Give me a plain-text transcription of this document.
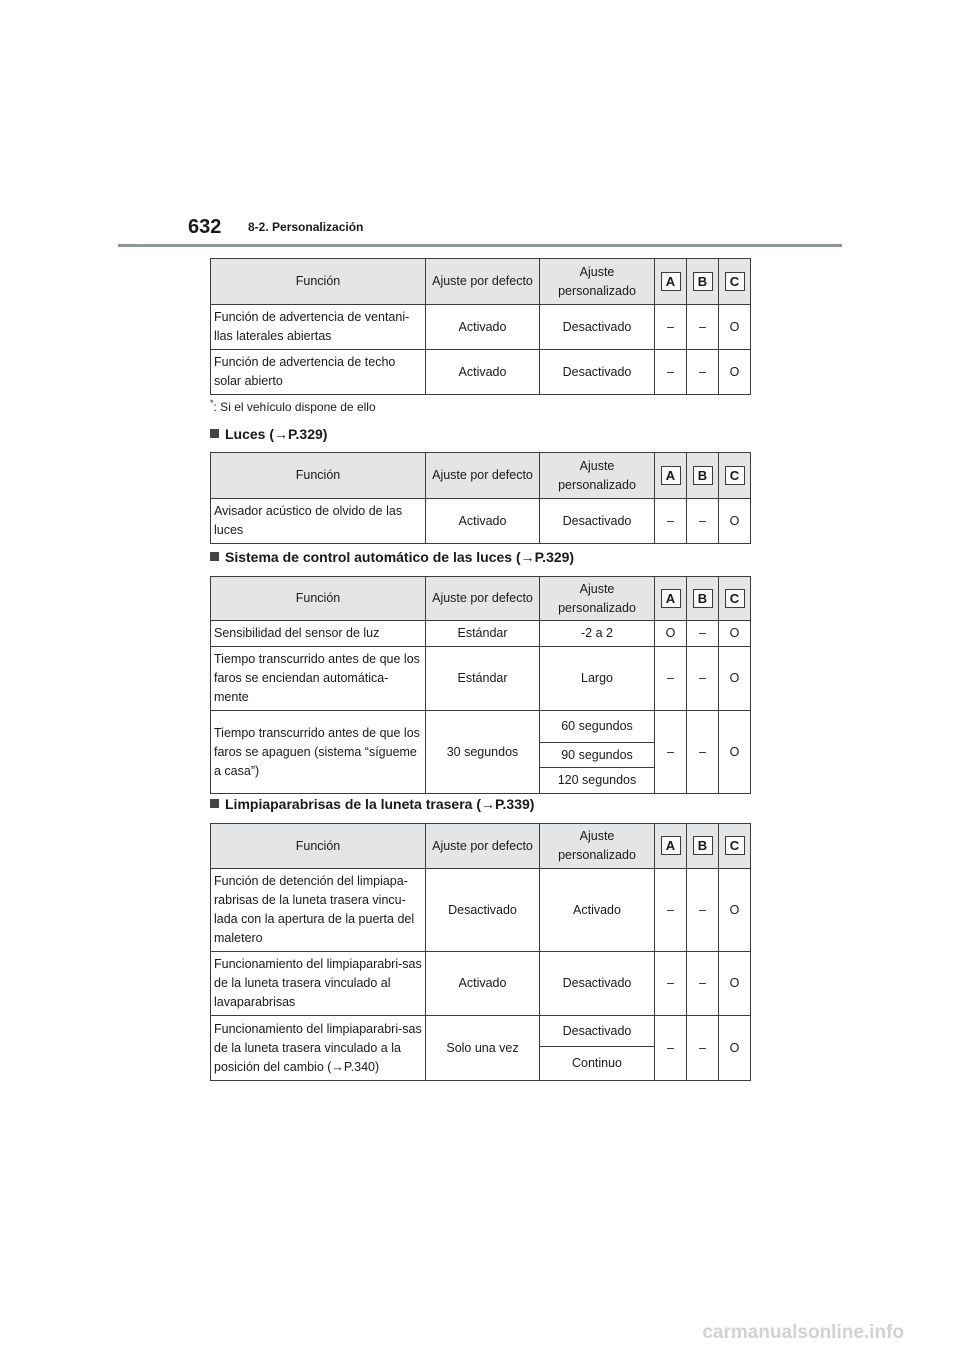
632 8-2. Personalización
Función	Ajuste por defecto	Ajuste personalizado	A	B	C
Función de advertencia de ventani-llas laterales abiertas	Activado	Desactivado	–	–	O
Función de advertencia de techo solar abierto	Activado	Desactivado	–	–	O
*: Si el vehículo dispone de ello
Luces (→P.329)
Función	Ajuste por defecto	Ajuste personalizado	A	B	C
Avisador acústico de olvido de las luces	Activado	Desactivado	–	–	O
Sistema de control automático de las luces (→P.329)
Función	Ajuste por defecto	Ajuste personalizado	A	B	C
Sensibilidad del sensor de luz	Estándar	-2 a 2	O	–	O
Tiempo transcurrido antes de que los faros se enciendan automática-mente	Estándar	Largo	–	–	O
Tiempo transcurrido antes de que los faros se apaguen (sistema “sígueme a casa”)	30 segundos	60 segundos	–	–	O
		90 segundos			
		120 segundos			
Limpiaparabrisas de la luneta trasera (→P.339)
Función	Ajuste por defecto	Ajuste personalizado	A	B	C
Función de detención del limpiapa-rabrisas de la luneta trasera vincu-lada con la apertura de la puerta del maletero	Desactivado	Activado	–	–	O
Funcionamiento del limpiaparabri-sas de la luneta trasera vinculado al lavaparabrisas	Activado	Desactivado	–	–	O
Funcionamiento del limpiaparabri-sas de la luneta trasera vinculado a la posición del cambio (→P.340)	Solo una vez	Desactivado	–	–	O
		Continuo			
carmanualsonline.info
